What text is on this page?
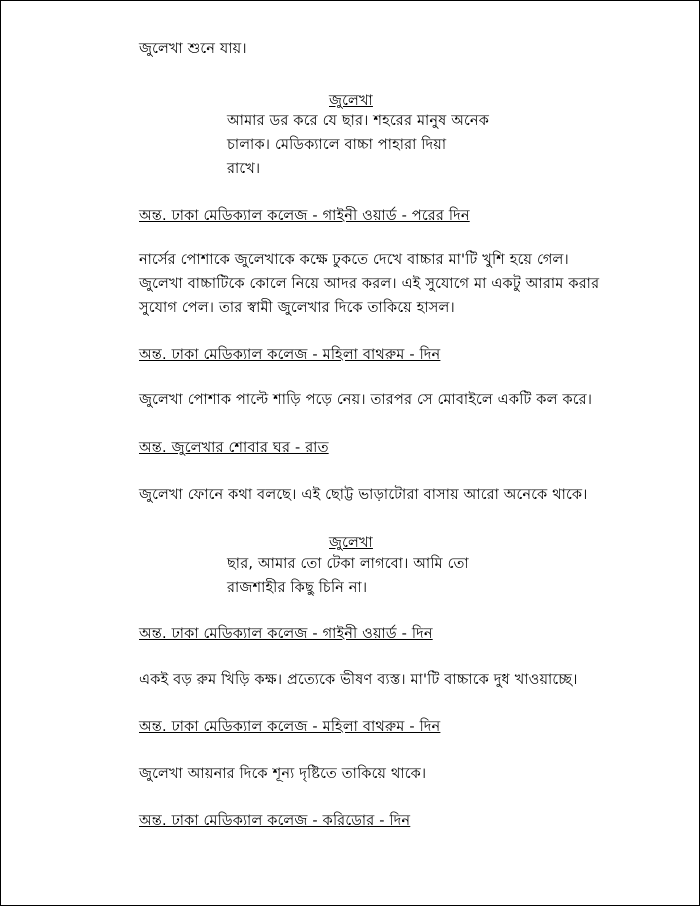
জুলেখা শুনে যায়।
জুলেখা
আমার ডর করে যে ছার। শহরের মানুষ অনেক
চালাক। মেডিক্যালে বাচ্চা পাহারা দিয়া
রাখে।
অন্ত. ঢাকা মেডিক্যাল কলেজ - গাইনী ওয়ার্ড - পরের দিন
নার্সের পোশাকে জুলেখাকে কক্ষে ঢুকতে দেখে বাচ্চার মা'টি খুশি হয়ে গেল।
জুলেখা বাচ্চাটিকে কোলে নিয়ে আদর করল। এই সুযোগে মা একটু আরাম করার
সুযোগ পেল। তার স্বামী জুলেখার দিকে তাকিয়ে হাসল।
অন্ত. ঢাকা মেডিক্যাল কলেজ - মহিলা বাথরুম - দিন
জুলেখা পোশাক পাল্টে শাড়ি পড়ে নেয়। তারপর সে মোবাইলে একটি কল করে।
অন্ত. জুলেখার শোবার ঘর - রাত
জুলেখা ফোনে কথা বলছে। এই ছোট্ট ভাড়াটোরা বাসায় আরো অনেকে থাকে।
জুলেখা
ছার, আমার তো টেকা লাগবো। আমি তো
রাজশাহীর কিছু চিনি না।
অন্ত. ঢাকা মেডিক্যাল কলেজ - গাইনী ওয়ার্ড - দিন
একই বড় রুম খিড়ি কক্ষ। প্রত্যেকে ভীষণ ব্যস্ত। মা'টি বাচ্চাকে দুধ খাওয়াচ্ছে।
অন্ত. ঢাকা মেডিক্যাল কলেজ - মহিলা বাথরুম - দিন
জুলেখা আয়নার দিকে শূন্য দৃষ্টিতে তাকিয়ে থাকে।
অন্ত. ঢাকা মেডিক্যাল কলেজ - করিডোর - দিন
